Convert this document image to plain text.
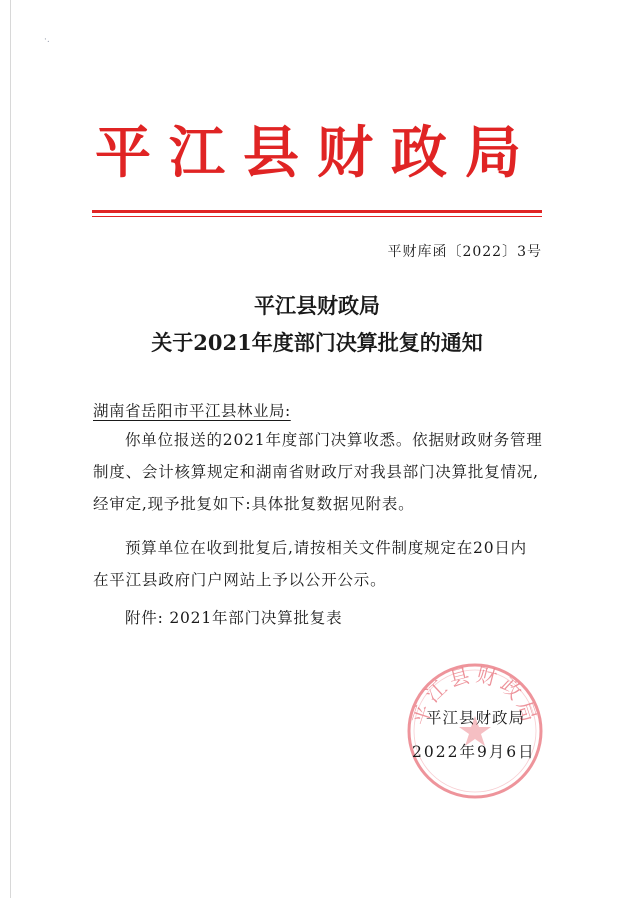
·.
平江县财政局
平财库函〔2022〕3号
平江县财政局
关于2021年度部门决算批复的通知
湖南省岳阳市平江县林业局:
你单位报送的2021年度部门决算收悉。依据财政财务管理制度、会计核算规定和湖南省财政厅对我县部门决算批复情况,经审定,现予批复如下:具体批复数据见附表。
预算单位在收到批复后,请按相关文件制度规定在20日内在平江县政府门户网站上予以公开公示。
附件: 2021年部门决算批复表
平江县财政局
平江县财政局
2022年9月6日
